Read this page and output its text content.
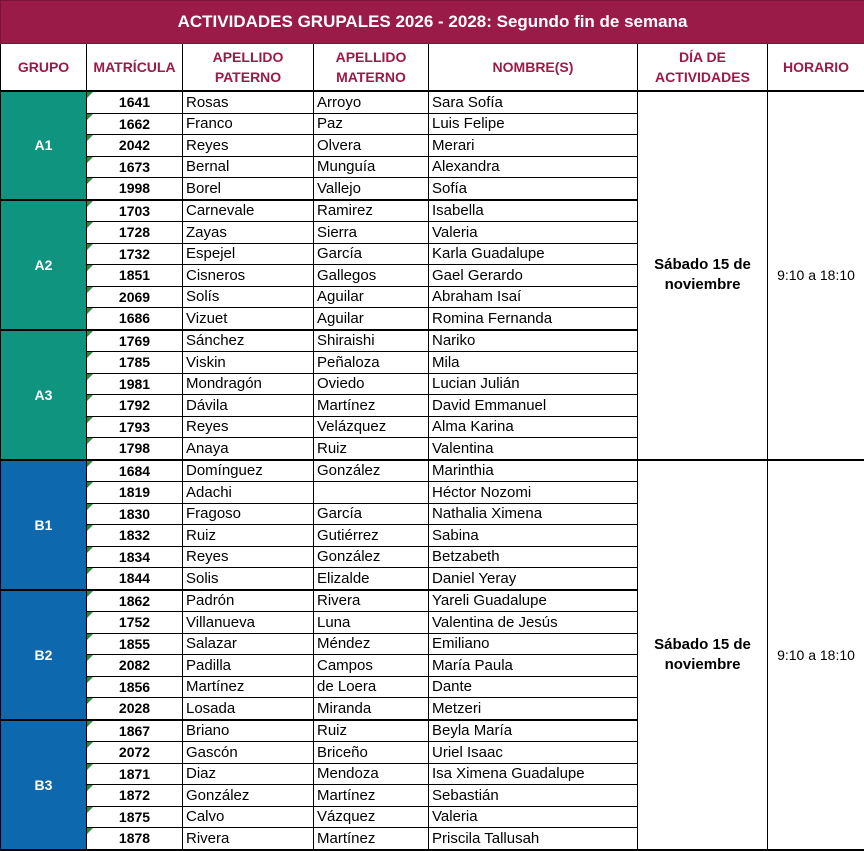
ACTIVIDADES GRUPALES 2026 - 2028: Segundo fin de semana						
GRUPO	MATRÍCULA	APELLIDO PATERNO	APELLIDO MATERNO	NOMBRE(S)	DÍA DE ACTIVIDADES	HORARIO
A1	1641	Rosas	Arroyo	Sara Sofía	Sábado 15 de noviembre	9:10 a 18:10
	1662	Franco	Paz	Luis Felipe		
	2042	Reyes	Olvera	Merari		
	1673	Bernal	Munguía	Alexandra		
	1998	Borel	Vallejo	Sofía		
A2	1703	Carnevale	Ramirez	Isabella		
	1728	Zayas	Sierra	Valeria		
	1732	Espejel	García	Karla Guadalupe		
	1851	Cisneros	Gallegos	Gael Gerardo		
	2069	Solís	Aguilar	Abraham Isaí		
	1686	Vizuet	Aguilar	Romina Fernanda		
A3	1769	Sánchez	Shiraishi	Nariko		
	1785	Viskin	Peñaloza	Mila		
	1981	Mondragón	Oviedo	Lucian Julián		
	1792	Dávila	Martínez	David Emmanuel		
	1793	Reyes	Velázquez	Alma Karina		
	1798	Anaya	Ruiz	Valentina		
B1	1684	Domínguez	González	Marinthia	Sábado 15 de noviembre	9:10 a 18:10
	1819	Adachi		Héctor Nozomi		
	1830	Fragoso	García	Nathalia Ximena		
	1832	Ruiz	Gutiérrez	Sabina		
	1834	Reyes	González	Betzabeth		
	1844	Solis	Elizalde	Daniel Yeray		
B2	1862	Padrón	Rivera	Yareli Guadalupe		
	1752	Villanueva	Luna	Valentina de Jesús		
	1855	Salazar	Méndez	Emiliano		
	2082	Padilla	Campos	María Paula		
	1856	Martínez	de Loera	Dante		
	2028	Losada	Miranda	Metzeri		
B3	1867	Briano	Ruiz	Beyla María		
	2072	Gascón	Briceño	Uriel Isaac		
	1871	Diaz	Mendoza	Isa Ximena Guadalupe		
	1872	González	Martínez	Sebastián		
	1875	Calvo	Vázquez	Valeria		
	1878	Rivera	Martínez	Priscila Tallusah		
